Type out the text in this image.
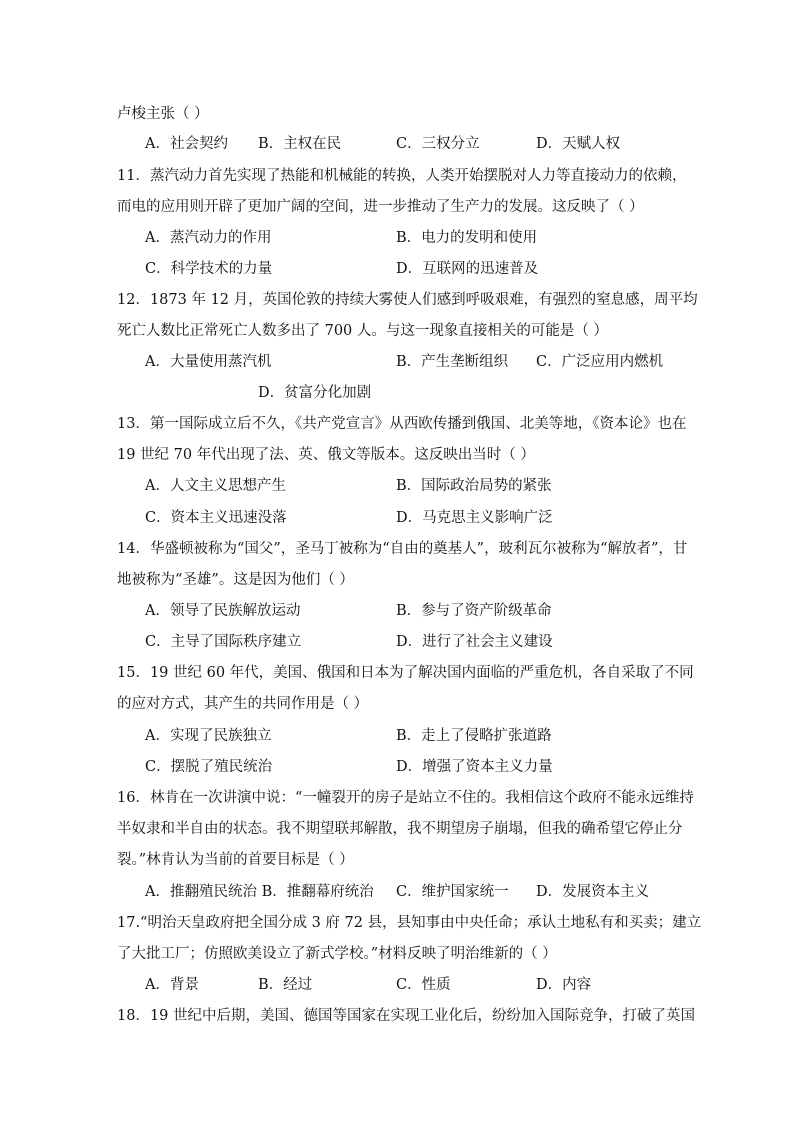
卢梭主张（ ）
A．社会契约 B．主权在民	C．三权分立	D．天赋人权
11．蒸汽动力首先实现了热能和机械能的转换，人类开始摆脱对人力等直接动力的依赖，
而电的应用则开辟了更加广阔的空间，进一步推动了生产力的发展。这反映了（ ）
A．蒸汽动力的作用	B．电力的发明和使用
C．科学技术的力量	D．互联网的迅速普及
12．1873 年 12 月，英国伦敦的持续大雾使人们感到呼吸艰难，有强烈的窒息感，周平均
死亡人数比正常死亡人数多出了 700 人。与这一现象直接相关的可能是（ ）
A．大量使用蒸汽机	B．产生垄断组织 C．广泛应用内燃机
D．贫富分化加剧
13．第一国际成立后不久，《共产党宣言》从西欧传播到俄国、北美等地，《资本论》也在
19 世纪 70 年代出现了法、英、俄文等版本。这反映出当时（ ）
A．人文主义思想产生	B．国际政治局势的紧张
C．资本主义迅速没落	D．马克思主义影响广泛
14．华盛顿被称为“国父”，圣马丁被称为“自由的奠基人”，玻利瓦尔被称为“解放者”，甘
地被称为“圣雄”。这是因为他们（ ）
A．领导了民族解放运动	B．参与了资产阶级革命
C．主导了国际秩序建立	D．进行了社会主义建设
15．19 世纪 60 年代，美国、俄国和日本为了解决国内面临的严重危机，各自采取了不同
的应对方式，其产生的共同作用是（ ）
A．实现了民族独立	B．走上了侵略扩张道路
C．摆脱了殖民统治	D．增强了资本主义力量
16．林肯在一次讲演中说：“一幢裂开的房子是站立不住的。我相信这个政府不能永远维持
半奴隶和半自由的状态。我不期望联邦解散，我不期望房子崩塌，但我的确希望它停止分
裂。”林肯认为当前的首要目标是（ ）
A．推翻殖民统治 B．推翻幕府统治 C．维护国家统一 D．发展资本主义
17.“明治天皇政府把全国分成 3 府 72 县，县知事由中央任命；承认土地私有和买卖；建立
了大批工厂；仿照欧美设立了新式学校。”材料反映了明治维新的（ ）
A．背景	B．经过	C．性质	D．内容
18．19 世纪中后期，美国、德国等国家在实现工业化后，纷纷加入国际竞争，打破了英国
